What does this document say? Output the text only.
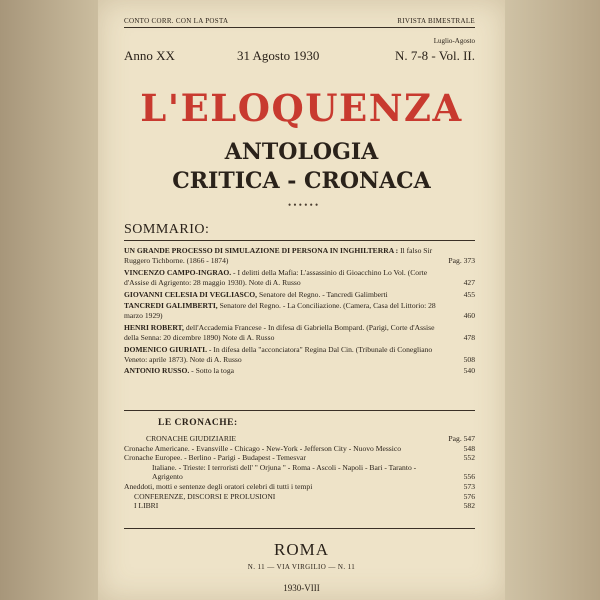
CONTO CORR. CON LA POSTA	RIVISTA BIMESTRALE
Luglio-Agosto
Anno XX	31 Agosto 1930	N. 7-8 - Vol. II.
L'ELOQUENZA
ANTOLOGIA
CRITICA - CRONACA
• • • • • •
SOMMARIO:
UN GRANDE PROCESSO DI SIMULAZIONE DI PERSONA IN INGHILTERRA : Il falso Sir Ruggero Tichborne. (1866 - 1874)	Pag. 373
VINCENZO CAMPO-INGRAO. - I delitti della Mafia: L'assassinio di Gioacchino Lo Vol. (Corte d'Assise di Agrigento: 28 maggio 1930). Note di A. Russo	427
GIOVANNI CELESIA DI VEGLIASCO, Senatore del Regno. - Tancredi Galimberti	455
TANCREDI GALIMBERTI, Senatore del Regno. - La Conciliazione. (Camera, Casa del Littorio: 28 marzo 1929)	460
HENRI ROBERT, dell'Accademia Francese - In difesa di Gabriella Bompard. (Parigi, Corte d'Assise della Senna: 20 dicembre 1890) Note di A. Russo	478
DOMENICO GIURIATI. - In difesa della "acconciatora" Regina Dal Cin. (Tribunale di Conegliano Veneto: aprile 1873). Note di A. Russo	508
ANTONIO RUSSO. - Sotto la toga	540
LE CRONACHE:
CRONACHE GIUDIZIARIE	Pag. 547
Cronache Americane. - Evansville - Chicago - New-York - Jefferson City - Nuovo Messico	548
Cronache Europee. - Berlino - Parigi - Budapest - Temesvar	552
Italiane. - Trieste: I terroristi dell' " Orjuna " - Roma - Ascoli - Napoli - Bari - Taranto - Agrigento	556
Aneddoti, motti e sentenze degli oratori celebri di tutti i tempi	573
CONFERENZE, DISCORSI E PROLUSIONI	576
I LIBRI	582
ROMA
N. 11 — VIA VIRGILIO — N. 11
1930-VIII
